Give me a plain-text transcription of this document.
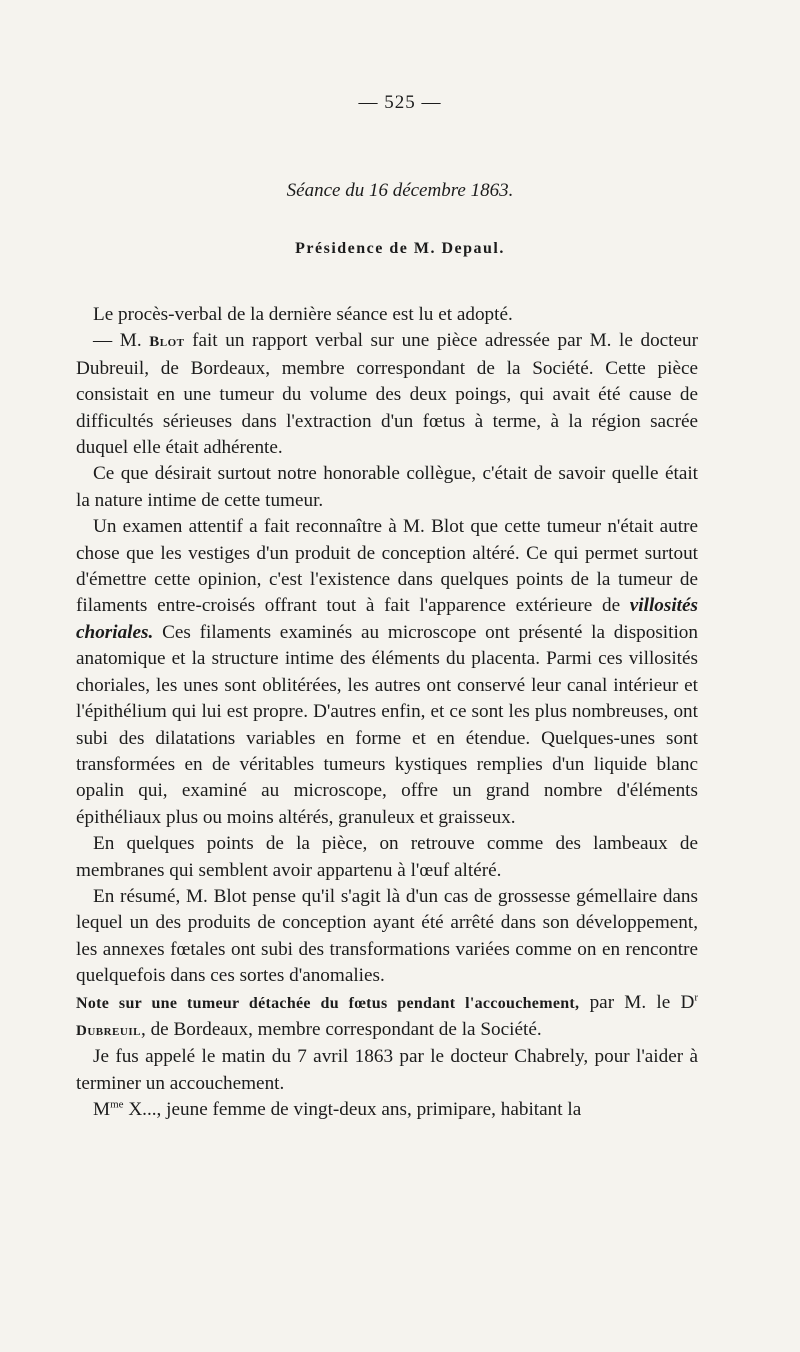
— 525 —
Séance du 16 décembre 1863.
Présidence de M. Depaul.

Le procès-verbal de la dernière séance est lu et adopté.

— M. Blot fait un rapport verbal sur une pièce adressée par M. le docteur Dubreuil, de Bordeaux, membre correspondant de la Société. Cette pièce consistait en une tumeur du volume des deux poings, qui avait été cause de difficultés sérieuses dans l'extraction d'un fœtus à terme, à la région sacrée duquel elle était adhérente.

Ce que désirait surtout notre honorable collègue, c'était de savoir quelle était la nature intime de cette tumeur.

Un examen attentif a fait reconnaître à M. Blot que cette tumeur n'était autre chose que les vestiges d'un produit de conception altéré. Ce qui permet surtout d'émettre cette opinion, c'est l'existence dans quelques points de la tumeur de filaments entre-croisés offrant tout à fait l'apparence extérieure de villosités choriales. Ces filaments examinés au microscope ont présenté la disposition anatomique et la structure intime des éléments du placenta. Parmi ces villosités choriales, les unes sont oblitérées, les autres ont conservé leur canal intérieur et l'épithélium qui lui est propre. D'autres enfin, et ce sont les plus nombreuses, ont subi des dilatations variables en forme et en étendue. Quelques-unes sont transformées en de véritables tumeurs kystiques remplies d'un liquide blanc opalin qui, examiné au microscope, offre un grand nombre d'éléments épithéliaux plus ou moins altérés, granuleux et graisseux.

En quelques points de la pièce, on retrouve comme des lambeaux de membranes qui semblent avoir appartenu à l'œuf altéré.

En résumé, M. Blot pense qu'il s'agit là d'un cas de grossesse gémellaire dans lequel un des produits de conception ayant été arrêté dans son développement, les annexes fœtales ont subi des transformations variées comme on en rencontre quelquefois dans ces sortes d'anomalies.

Note sur une tumeur détachée du fœtus pendant l'accouchement, par M. le $D^r$ Dubreuil, de Bordeaux, membre correspondant de la Société.

Je fus appelé le matin du 7 avril 1863 par le docteur Chabrely, pour l'aider à terminer un accouchement.

$M^{me}$ X..., jeune femme de vingt-deux ans, primipare, habitant la
